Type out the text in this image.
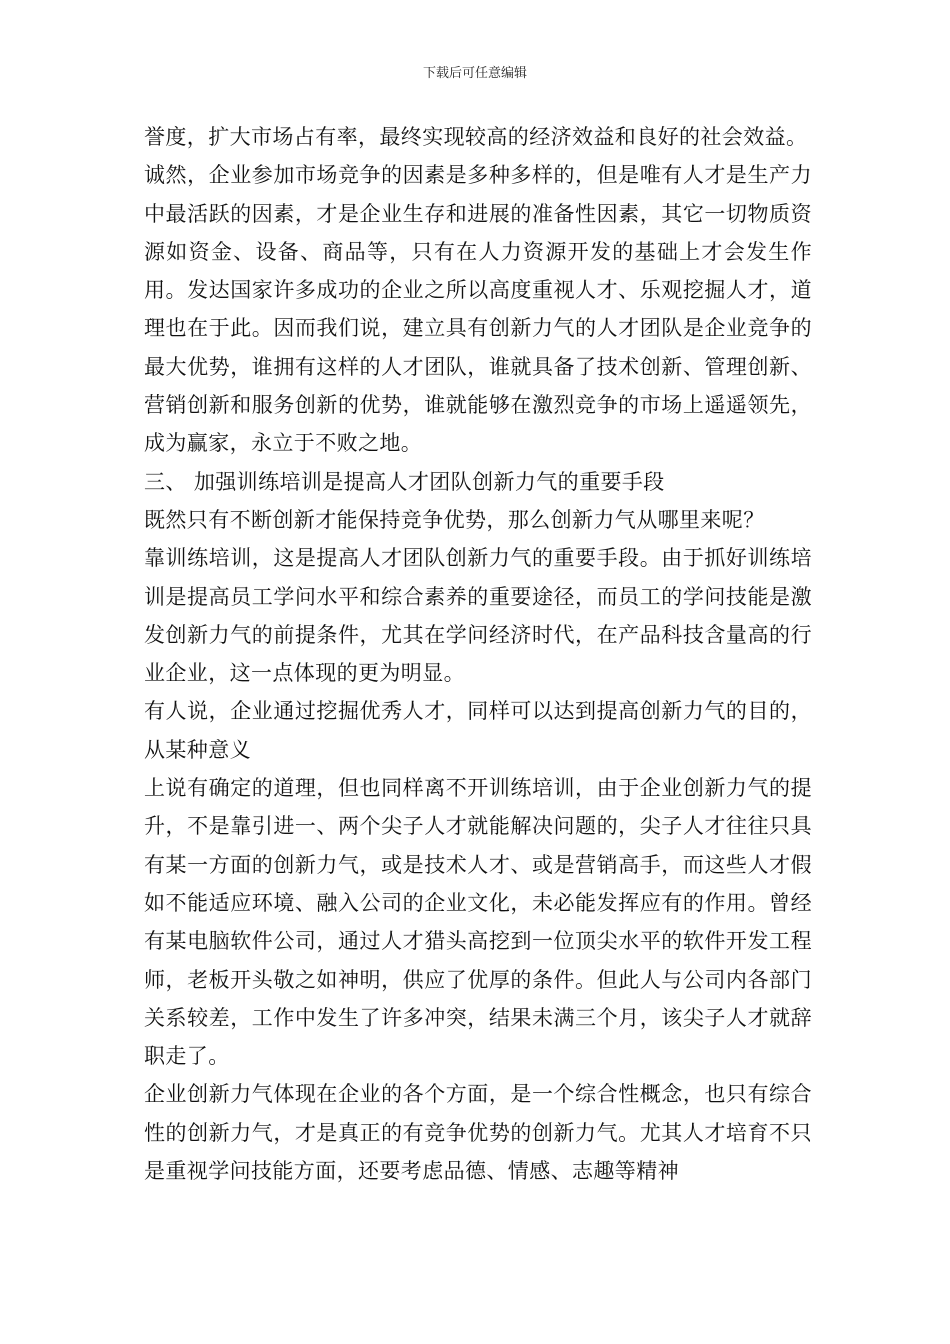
下载后可任意编辑

誉度，扩大市场占有率，最终实现较高的经济效益和良好的社会效益。

诚然，企业参加市场竞争的因素是多种多样的，但是唯有人才是生产力中最活跃的因素，才是企业生存和进展的准备性因素，其它一切物质资源如资金、设备、商品等，只有在人力资源开发的基础上才会发生作用。发达国家许多成功的企业之所以高度重视人才、乐观挖掘人才，道理也在于此。因而我们说，建立具有创新力气的人才团队是企业竞争的最大优势，谁拥有这样的人才团队，谁就具备了技术创新、管理创新、营销创新和服务创新的优势，谁就能够在激烈竞争的市场上遥遥领先，成为赢家，永立于不败之地。

三、 加强训练培训是提高人才团队创新力气的重要手段

既然只有不断创新才能保持竞争优势，那么创新力气从哪里来呢？

靠训练培训，这是提高人才团队创新力气的重要手段。由于抓好训练培训是提高员工学问水平和综合素养的重要途径，而员工的学问技能是激发创新力气的前提条件，尤其在学问经济时代，在产品科技含量高的行业企业，这一点体现的更为明显。

有人说，企业通过挖掘优秀人才，同样可以达到提高创新力气的目的，从某种意义

上说有确定的道理，但也同样离不开训练培训，由于企业创新力气的提升，不是靠引进一、两个尖子人才就能解决问题的，尖子人才往往只具有某一方面的创新力气，或是技术人才、或是营销高手，而这些人才假如不能适应环境、融入公司的企业文化，未必能发挥应有的作用。曾经有某电脑软件公司，通过人才猎头高挖到一位顶尖水平的软件开发工程师，老板开头敬之如神明，供应了优厚的条件。但此人与公司内各部门关系较差，工作中发生了许多冲突，结果未满三个月，该尖子人才就辞职走了。

企业创新力气体现在企业的各个方面，是一个综合性概念，也只有综合性的创新力气，才是真正的有竞争优势的创新力气。尤其人才培育不只是重视学问技能方面，还要考虑品德、情感、志趣等精神
